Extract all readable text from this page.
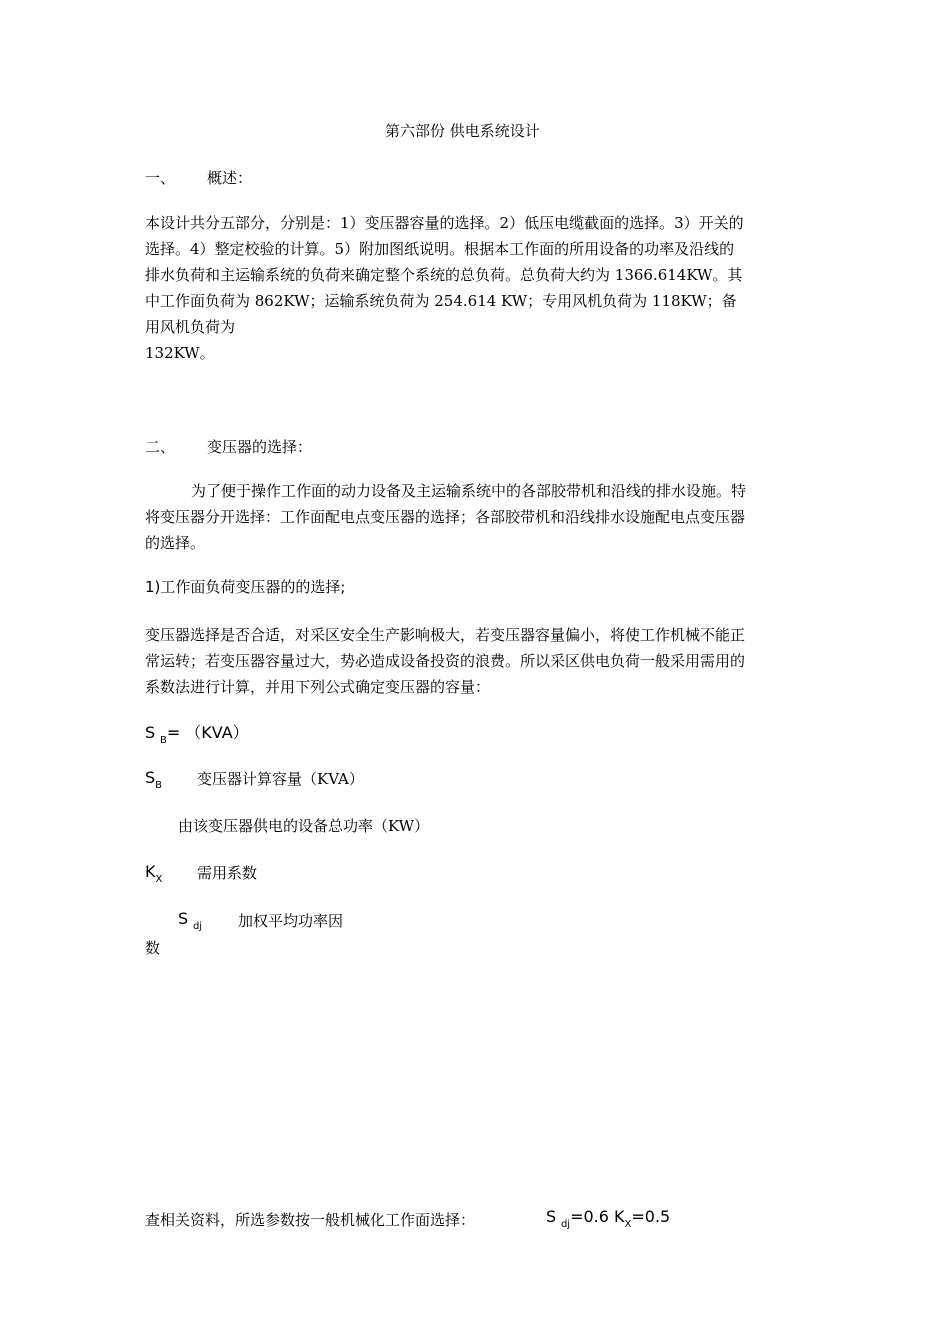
第六部份 供电系统设计
一、 概述：
本设计共分五部分，分别是：1）变压器容量的选择。2）低压电缆截面的选择。3）开关的
选择。4）整定校验的计算。5）附加图纸说明。根据本工作面的所用设备的功率及沿线的
排水负荷和主运输系统的负荷来确定整个系统的总负荷。总负荷大约为 1366.614KW。其
中工作面负荷为 862KW；运输系统负荷为 254.614 KW；专用风机负荷为 118KW；备
用风机负荷为
132KW。
二、 变压器的选择：
为了便于操作工作面的动力设备及主运输系统中的各部胶带机和沿线的排水设施。特
将变压器分开选择：工作面配电点变压器的选择；各部胶带机和沿线排水设施配电点变压器
的选择。
1)工作面负荷变压器的的选择;
变压器选择是否合适，对采区安全生产影响极大，若变压器容量偏小，将使工作机械不能正
常运转；若变压器容量过大，势必造成设备投资的浪费。所以采区供电负荷一般采用需用的
系数法进行计算，并用下列公式确定变压器的容量：
S $_B$= （KVA）
$S_B$ 变压器计算容量（KVA）
由该变压器供电的设备总功率（KW）
$K_X$ 需用系数
S $_{dj}$ 加权平均功率因
数
查相关资料，所选参数按一般机械化工作面选择：	S $_{dj}$=0.6 $K_X=0.5$
